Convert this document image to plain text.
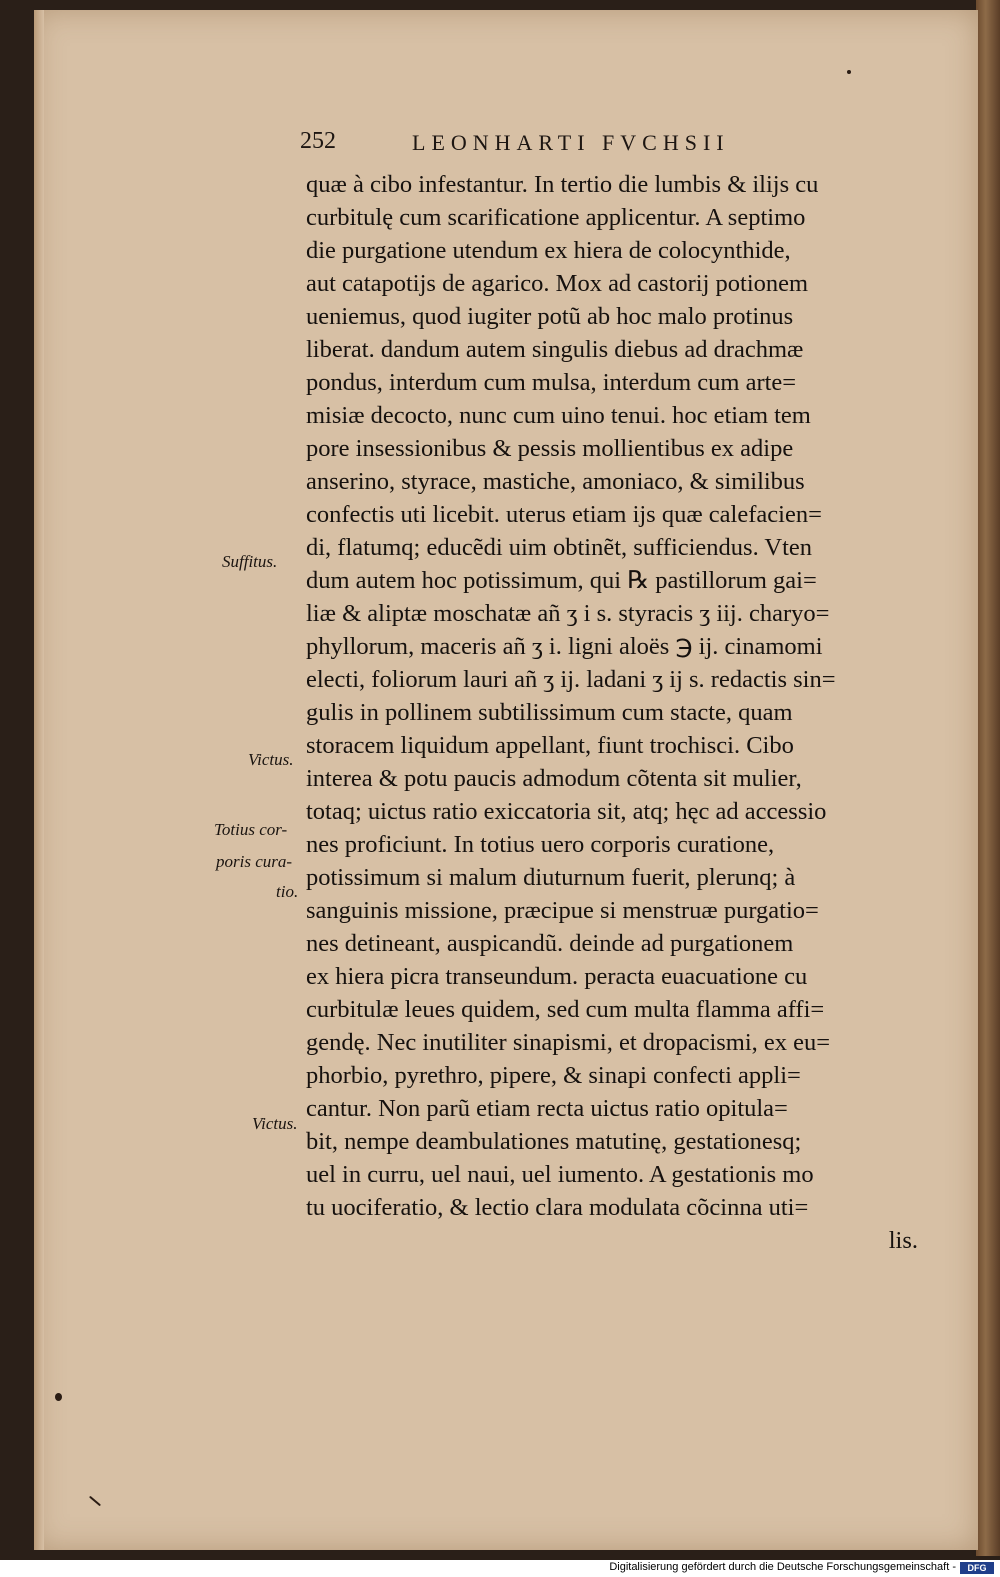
252	LEONHARTI FVCHSII
quæ à cibo infestantur. In tertio die lumbis & ilijs cu
curbitulę cum scarificatione applicentur. A septimo
die purgatione utendum ex hiera de colocynthide,
aut catapotijs de agarico. Mox ad castorij potionem
ueniemus, quod iugiter potũ ab hoc malo protinus
liberat. dandum autem singulis diebus ad drachmæ
pondus, interdum cum mulsa, interdum cum arte=
misiæ decocto, nunc cum uino tenui. hoc etiam tem
pore insessionibus & pessis mollientibus ex adipe
anserino, styrace, mastiche, amoniaco, & similibus
confectis uti licebit. uterus etiam ijs quæ calefacien=
di, flatumq; educẽdi uim obtinẽt, sufficiendus. Vten
dum autem hoc potissimum, qui ℞ pastillorum gai=
liæ & aliptæ moschatæ añ ʒ i s. styracis ʒ iij. charyo=
phyllorum, maceris añ ʒ i. ligni aloës ℈ ij. cinamomi
electi, foliorum lauri añ ʒ ij. ladani ʒ ij s. redactis sin=
gulis in pollinem subtilissimum cum stacte, quam
storacem liquidum appellant, fiunt trochisci. Cibo
interea & potu paucis admodum cõtenta sit mulier,
totaq; uictus ratio exiccatoria sit, atq; hęc ad accessio
nes proficiunt. In totius uero corporis curatione,
potissimum si malum diuturnum fuerit, plerunq; à
sanguinis missione, præcipue si menstruæ purgatio=
nes detineant, auspicandũ. deinde ad purgationem
ex hiera picra transeundum. peracta euacuatione cu
curbitulæ leues quidem, sed cum multa flamma affi=
gendę. Nec inutiliter sinapismi, et dropacismi, ex eu=
phorbio, pyrethro, pipere, & sinapi confecti appli=
cantur. Non parũ etiam recta uictus ratio opitula=
bit, nempe deambulationes matutinę, gestationesq;
uel in curru, uel naui, uel iumento. A gestationis mo
tu uociferatio, & lectio clara modulata cõcinna uti=
lis.
Suffitus.
Victus.
Totius cor-
poris cura-
tio.
Victus.
Digitalisierung gefördert durch die Deutsche Forschungsgemeinschaft -	DFG
